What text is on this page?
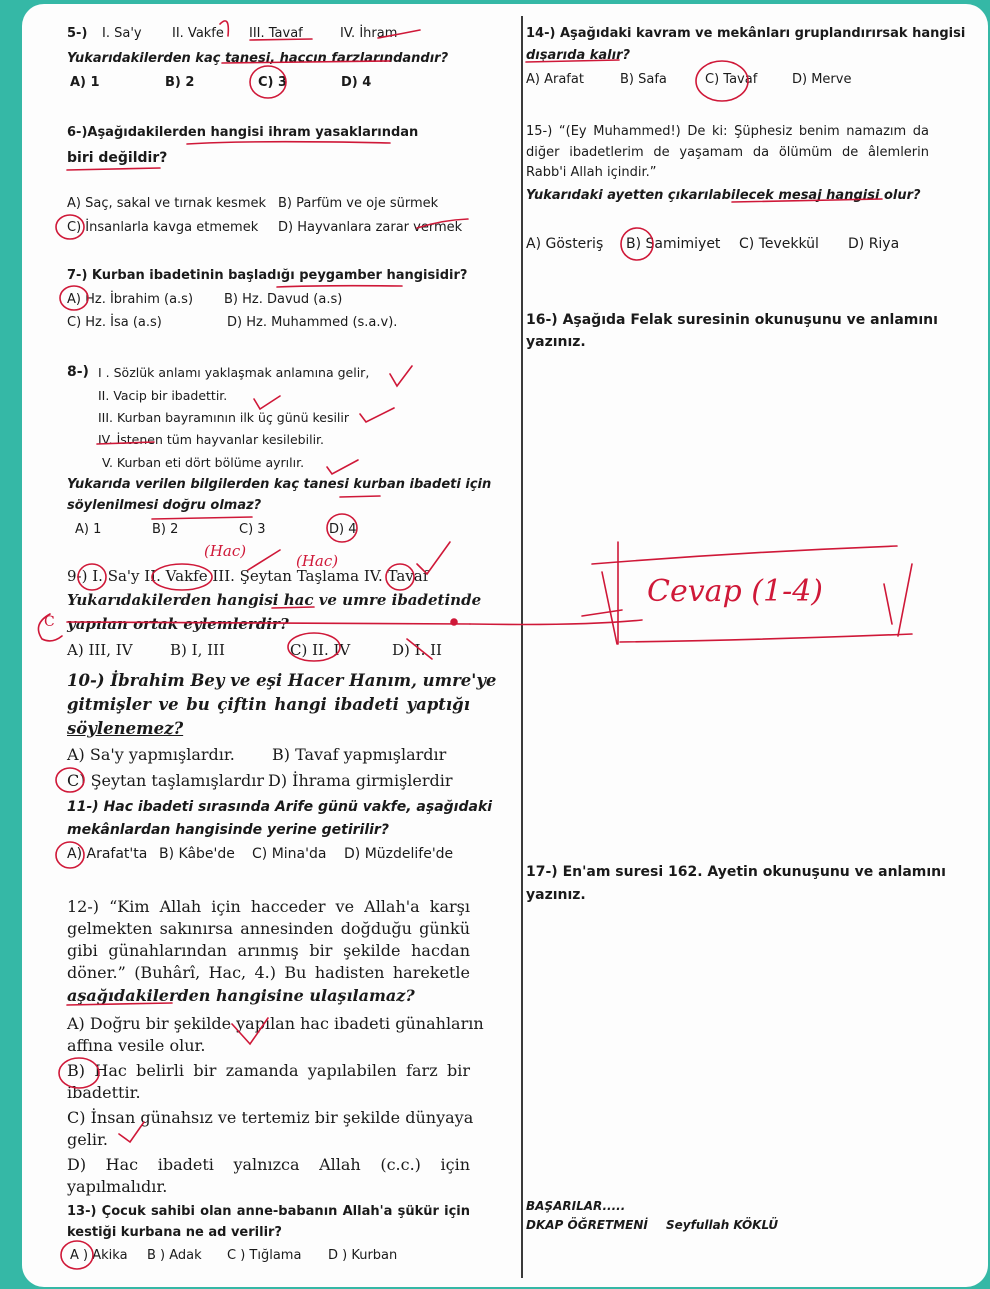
5-) I. Sa'y II. Vakfe III. Tavaf	IV. İhram
Yukarıdakilerden kaç tanesi, haccın farzlarındandır?
A) 1	B) 2	C) 3	D) 4
6-)Aşağıdakilerden hangisi ihram yasaklarından
biri değildir?
A) Saç, sakal ve tırnak kesmek B) Parfüm ve oje sürmek
C) İnsanlarla kavga etmemek D) Hayvanlara zarar vermek
7-) Kurban ibadetinin başladığı peygamber hangisidir?
A) Hz. İbrahim (a.s) B) Hz. Davud (a.s)
C) Hz. İsa (a.s)	D) Hz. Muhammed (s.a.v).
8-) I . Sözlük anlamı yaklaşmak anlamına gelir,
II. Vacip bir ibadettir.
III. Kurban bayramının ilk üç günü kesilir
IV. İstenen tüm hayvanlar kesilebilir.
V. Kurban eti dört bölüme ayrılır.
Yukarıda verilen bilgilerden kaç tanesi kurban ibadeti için
söylenilmesi doğru olmaz?
A) 1	B) 2	C) 3	D) 4
9-) I. Sa'y II. Vakfe III. Şeytan Taşlama IV. Tavaf
Yukarıdakilerden hangisi hac ve umre ibadetinde
yapılan ortak eylemlerdir?
A) III, IV B) I, III	C) II. IV	D) I. II
10-) İbrahim Bey ve eşi Hacer Hanım, umre'ye
gitmişler ve bu çiftin hangi ibadeti yaptığı
söylenemez?
A) Sa'y yapmışlardır. B) Tavaf yapmışlardır
C) Şeytan taşlamışlardır D) İhrama girmişlerdir
11-) Hac ibadeti sırasında Arife günü vakfe, aşağıdaki
mekânlardan hangisinde yerine getirilir?
A) Arafat'ta B) Kâbe'de C) Mina'da D) Müzdelife'de
12-) “Kim Allah için hacceder ve Allah'a karşı
gelmekten sakınırsa annesinden doğduğu günkü
gibi günahlarından arınmış bir şekilde hacdan
döner.” (Buhârî, Hac, 4.) Bu hadisten hareketle
aşağıdakilerden hangisine ulaşılamaz?
A) Doğru bir şekilde yapılan hac ibadeti günahların
affına vesile olur.
B) Hac belirli bir zamanda yapılabilen farz bir
ibadettir.
C) İnsan günahsız ve tertemiz bir şekilde dünyaya
gelir.
D) Hac ibadeti yalnızca Allah (c.c.) için
yapılmalıdır.
13-) Çocuk sahibi olan anne-babanın Allah'a şükür için
kestiği kurbana ne ad verilir?
A ) Akika B ) Adak C ) Tığlama D ) Kurban
14-) Aşağıdaki kavram ve mekânları gruplandırırsak hangisi
dışarıda kalır?
A) Arafat	B) Safa	C) Tavaf	D) Merve
15-) “(Ey Muhammed!) De ki: Şüphesiz benim namazım da
diğer ibadetlerim de yaşamam da ölümüm de âlemlerin
Rabb'i Allah içindir.”
Yukarıdaki ayetten çıkarılabilecek mesaj hangisi olur?
A) Gösteriş B) Samimiyet C) Tevekkül D) Riya
16-) Aşağıda Felak suresinin okunuşunu ve anlamını
yazınız.
17-) En'am suresi 162. Ayetin okunuşunu ve anlamını
yazınız.
BAŞARILAR.....
DKAP ÖĞRETMENİ Seyfullah KÖKLÜ
(Hac)
(Hac)
C
Cevap (1-4)
